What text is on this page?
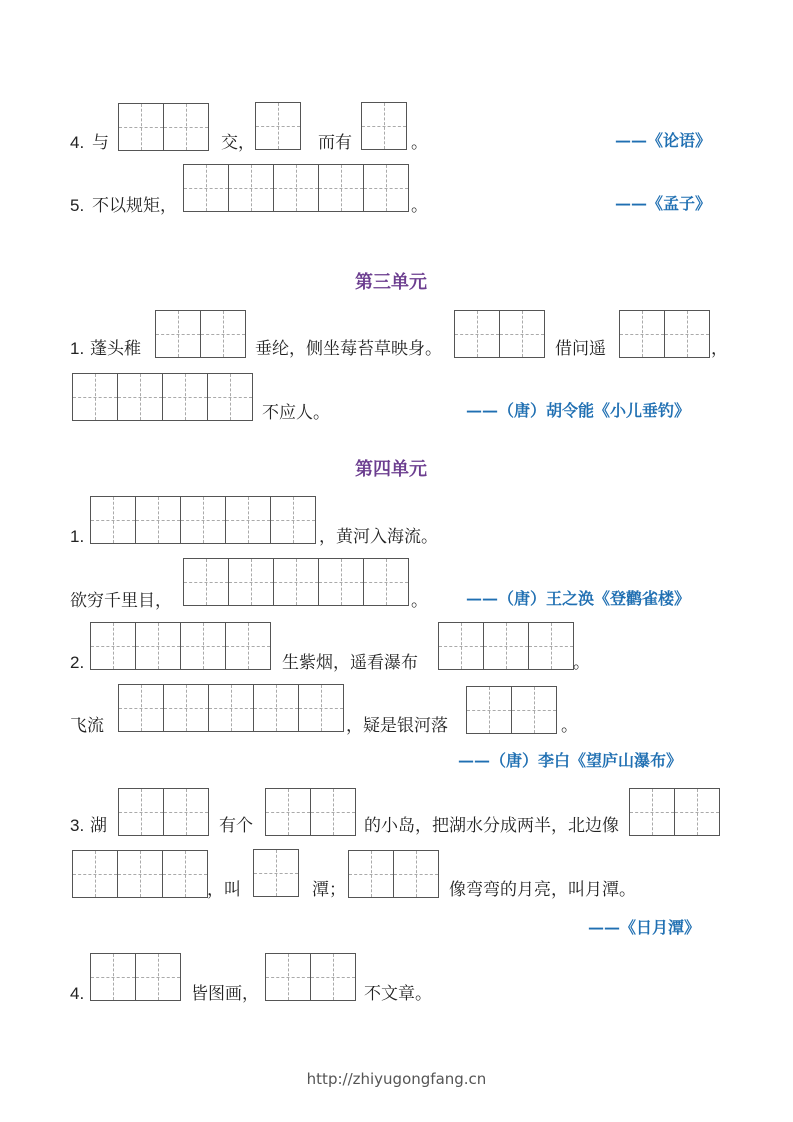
4. 与	交，	而有	。	——《论语》
5. 不以规矩，	。	——《孟子》
第三单元
1. 蓬头稚	垂纶，侧坐莓苔草映身。	借问遥	，
不应人。	——（唐）胡令能《小儿垂钓》
第四单元
1.	，黄河入海流。
欲穷千里目，	。 ——（唐）王之涣《登鹳雀楼》
2.	生紫烟，遥看瀑布	。
飞流	，疑是银河落	。
——（唐）李白《望庐山瀑布》
3. 湖	有个	的小岛，把湖水分成两半，北边像
，叫	潭；	像弯弯的月亮，叫月潭。
——《日月潭》
4.	皆图画，	不文章。
http://zhiyugongfang.cn
